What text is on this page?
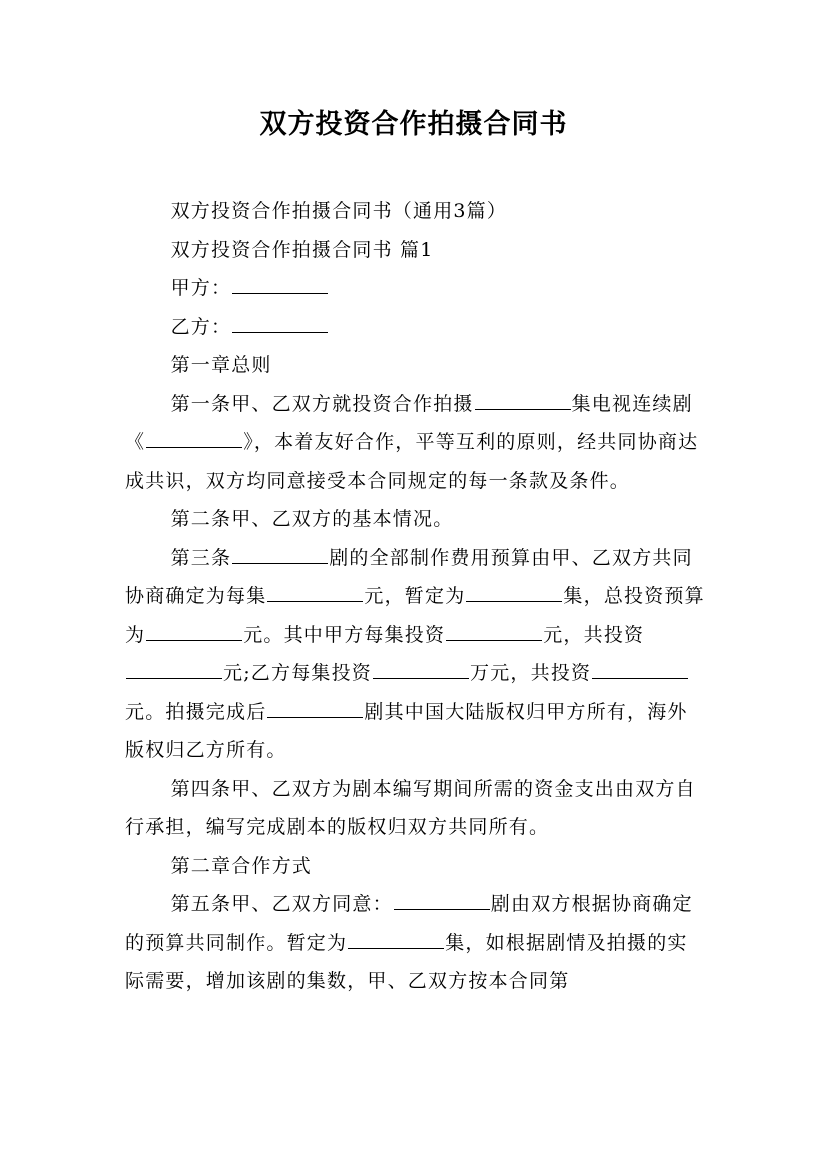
双方投资合作拍摄合同书

双方投资合作拍摄合同书（通用3篇）

双方投资合作拍摄合同书 篇1

甲方：

乙方：

第一章总则

第一条甲、乙双方就投资合作拍摄	集电视连续剧《	》，本着友好合作，平等互利的原则，经共同协商达成共识，双方均同意接受本合同规定的每一条款及条件。

第二条甲、乙双方的基本情况。

第三条	剧的全部制作费用预算由甲、乙双方共同协商确定为每集	元，暂定为	集，总投资预算为	元。其中甲方每集投资	元，共投资元;乙方每集投资	万元，共投资元。拍摄完成后	剧其中国大陆版权归甲方所有，海外版权归乙方所有。

第四条甲、乙双方为剧本编写期间所需的资金支出由双方自行承担，编写完成剧本的版权归双方共同所有。

第二章合作方式

第五条甲、乙双方同意：	剧由双方根据协商确定的预算共同制作。暂定为	集，如根据剧情及拍摄的实际需要，增加该剧的集数，甲、乙双方按本合同第
